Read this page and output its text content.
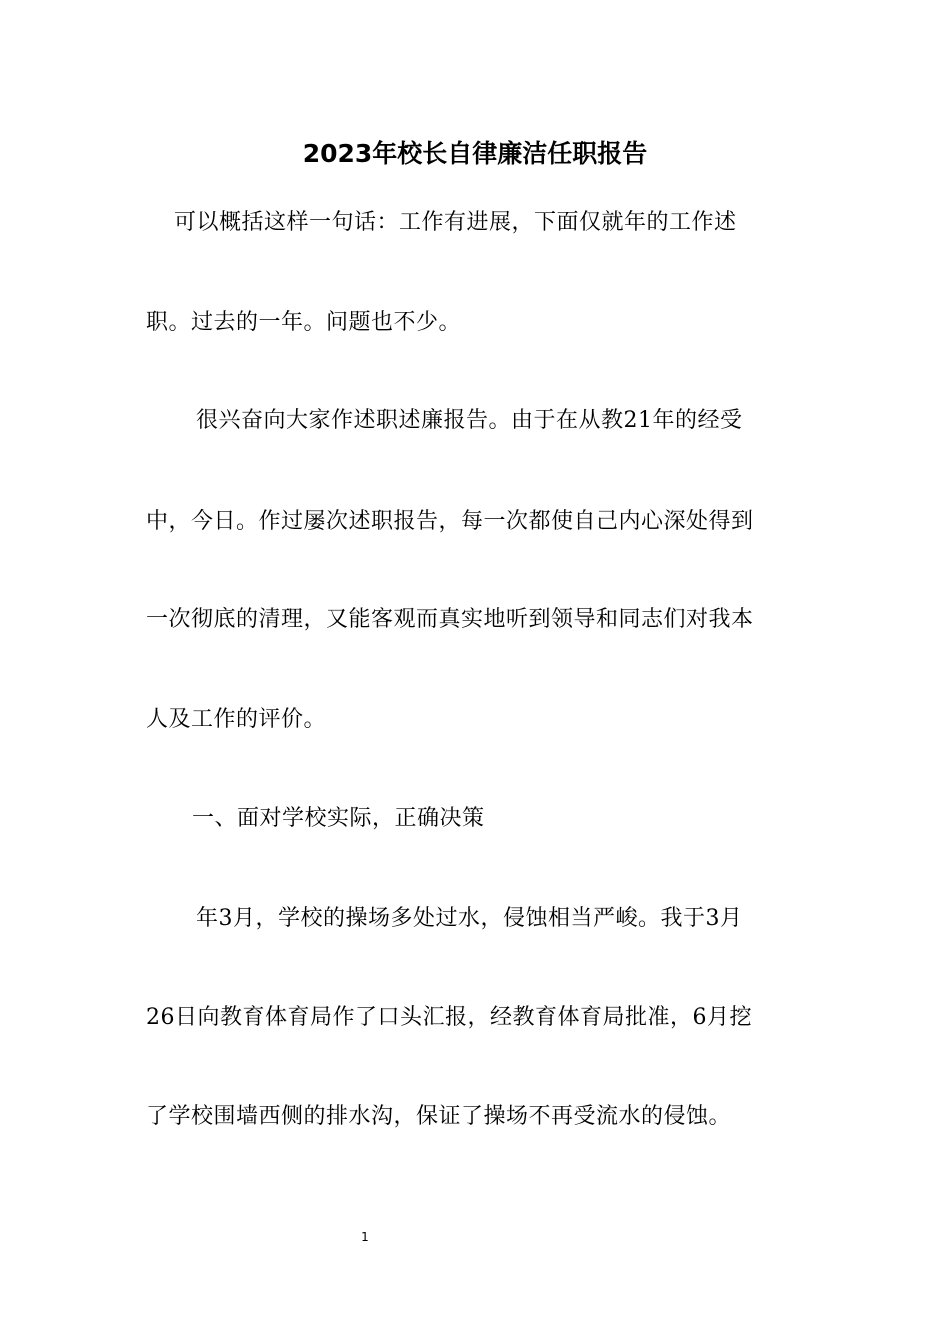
2023年校长自律廉洁任职报告
可以概括这样一句话：工作有进展，下面仅就年的工作述
职。过去的一年。问题也不少。
很兴奋向大家作述职述廉报告。由于在从教21年的经受
中，今日。作过屡次述职报告，每一次都使自己内心深处得到
一次彻底的清理，又能客观而真实地听到领导和同志们对我本
人及工作的评价。
一、面对学校实际，正确决策
年3月，学校的操场多处过水，侵蚀相当严峻。我于3月
26日向教育体育局作了口头汇报，经教育体育局批准，6月挖
了学校围墙西侧的排水沟，保证了操场不再受流水的侵蚀。
1
